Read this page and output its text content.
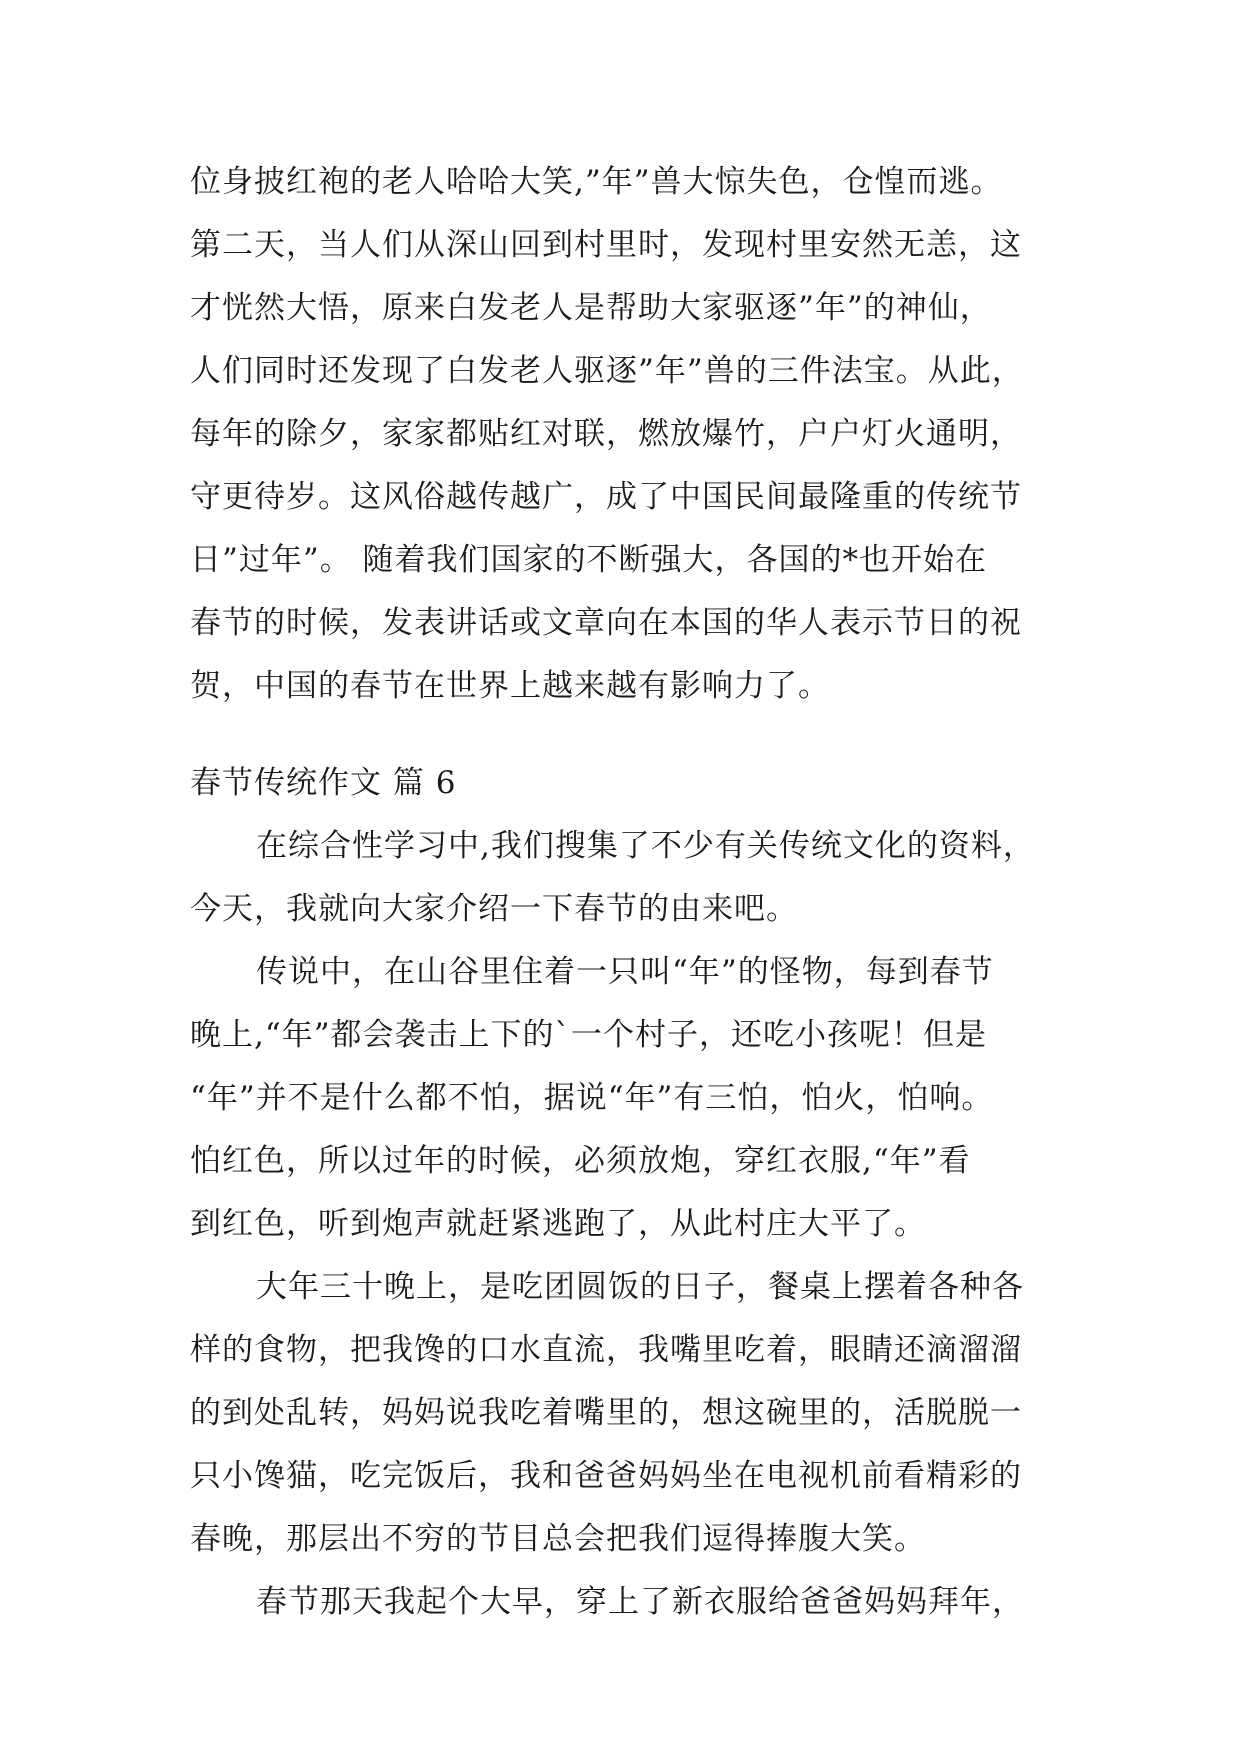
位身披红袍的老人哈哈大笑,”年”兽大惊失色，仓惶而逃。

第二天，当人们从深山回到村里时，发现村里安然无恙，这

才恍然大悟，原来白发老人是帮助大家驱逐”年”的神仙，

人们同时还发现了白发老人驱逐”年”兽的三件法宝。从此，

每年的除夕，家家都贴红对联，燃放爆竹，户户灯火通明，

守更待岁。这风俗越传越广，成了中国民间最隆重的传统节

日”过年”。 随着我们国家的不断强大，各国的*也开始在

春节的时候，发表讲话或文章向在本国的华人表示节日的祝

贺，中国的春节在世界上越来越有影响力了。

春节传统作文 篇 6

在综合性学习中,我们搜集了不少有关传统文化的资料，

今天，我就向大家介绍一下春节的由来吧。

传说中，在山谷里住着一只叫“年”的怪物，每到春节

晚上,“年”都会袭击上下的`一个村子，还吃小孩呢！但是

“年”并不是什么都不怕，据说“年”有三怕，怕火，怕响。

怕红色，所以过年的时候，必须放炮，穿红衣服,“年”看

到红色，听到炮声就赶紧逃跑了，从此村庄大平了。

大年三十晚上，是吃团圆饭的日子，餐桌上摆着各种各

样的食物，把我馋的口水直流，我嘴里吃着，眼睛还滴溜溜

的到处乱转，妈妈说我吃着嘴里的，想这碗里的，活脱脱一

只小馋猫，吃完饭后，我和爸爸妈妈坐在电视机前看精彩的

春晚，那层出不穷的节目总会把我们逗得捧腹大笑。

春节那天我起个大早，穿上了新衣服给爸爸妈妈拜年，
